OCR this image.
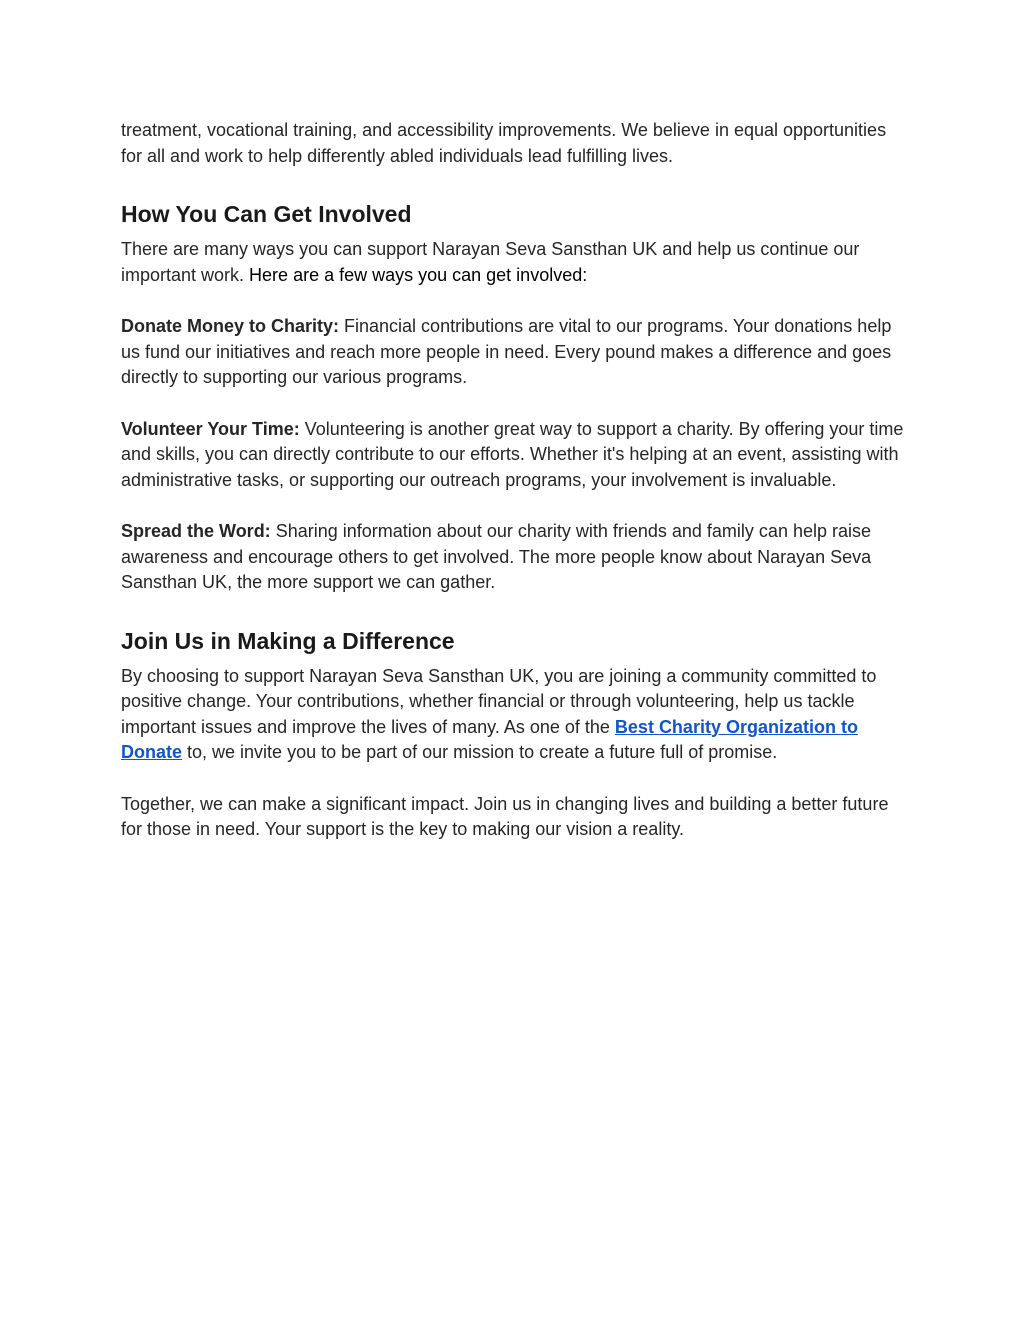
treatment, vocational training, and accessibility improvements. We believe in equal opportunities for all and work to help differently abled individuals lead fulfilling lives.

How You Can Get Involved

There are many ways you can support Narayan Seva Sansthan UK and help us continue our important work. Here are a few ways you can get involved:

Donate Money to Charity: Financial contributions are vital to our programs. Your donations help us fund our initiatives and reach more people in need. Every pound makes a difference and goes directly to supporting our various programs.

Volunteer Your Time: Volunteering is another great way to support a charity. By offering your time and skills, you can directly contribute to our efforts. Whether it's helping at an event, assisting with administrative tasks, or supporting our outreach programs, your involvement is invaluable.

Spread the Word: Sharing information about our charity with friends and family can help raise awareness and encourage others to get involved. The more people know about Narayan Seva Sansthan UK, the more support we can gather.

Join Us in Making a Difference

By choosing to support Narayan Seva Sansthan UK, you are joining a community committed to positive change. Your contributions, whether financial or through volunteering, help us tackle important issues and improve the lives of many. As one of the Best Charity Organization to Donate to, we invite you to be part of our mission to create a future full of promise.

Together, we can make a significant impact. Join us in changing lives and building a better future for those in need. Your support is the key to making our vision a reality.
